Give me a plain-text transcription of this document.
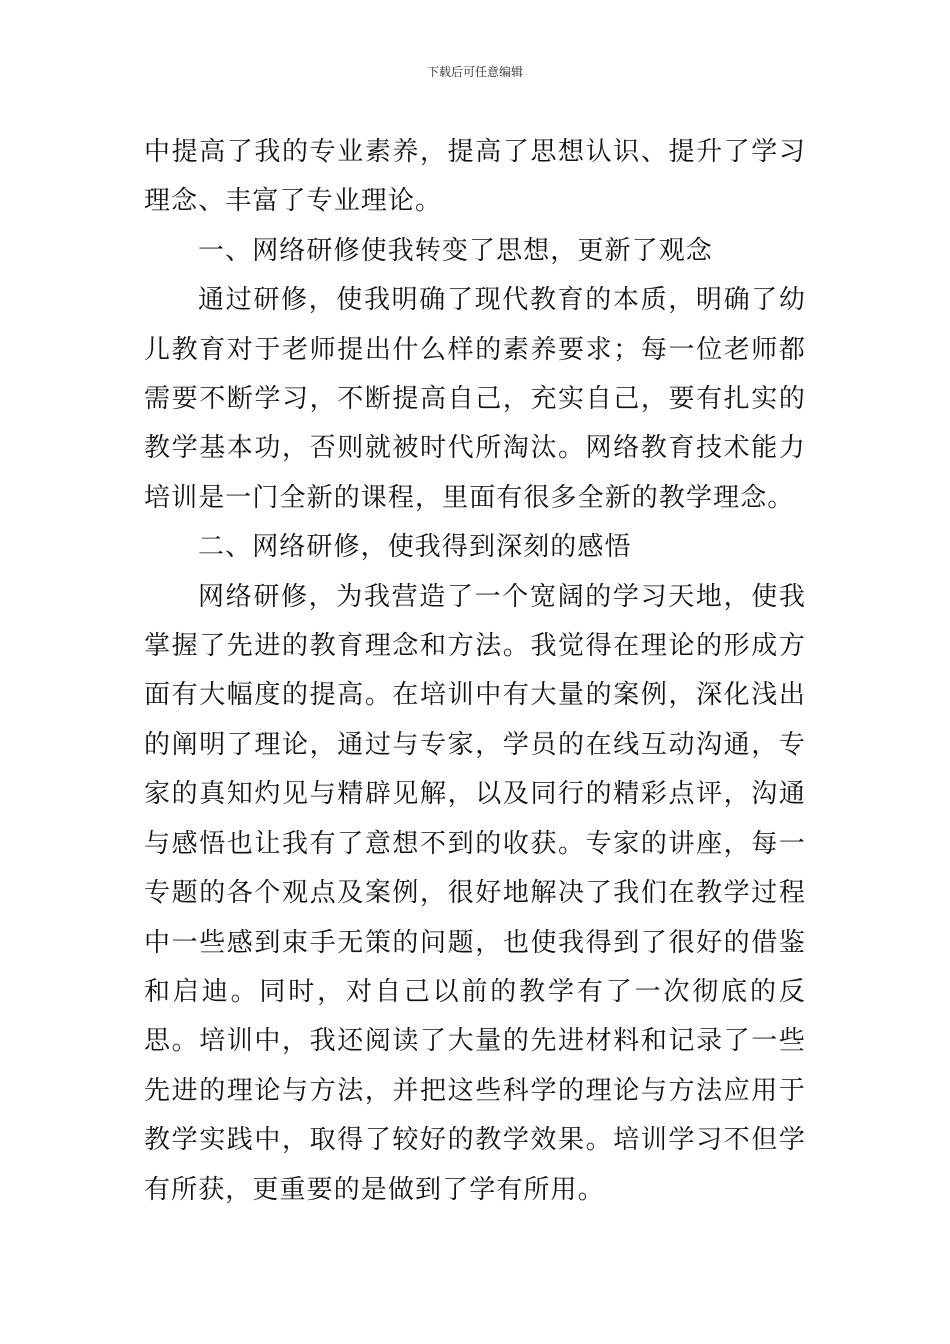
下载后可任意编辑

中提高了我的专业素养，提高了思想认识、提升了学习理念、丰富了专业理论。

一、网络研修使我转变了思想，更新了观念

通过研修，使我明确了现代教育的本质，明确了幼儿教育对于老师提出什么样的素养要求；每一位老师都需要不断学习，不断提高自己，充实自己，要有扎实的教学基本功，否则就被时代所淘汰。网络教育技术能力培训是一门全新的课程，里面有很多全新的教学理念。

二、网络研修，使我得到深刻的感悟

网络研修，为我营造了一个宽阔的学习天地，使我掌握了先进的教育理念和方法。我觉得在理论的形成方面有大幅度的提高。在培训中有大量的案例，深化浅出的阐明了理论，通过与专家，学员的在线互动沟通，专家的真知灼见与精辟见解，以及同行的精彩点评，沟通与感悟也让我有了意想不到的收获。专家的讲座，每一专题的各个观点及案例，很好地解决了我们在教学过程中一些感到束手无策的问题，也使我得到了很好的借鉴和启迪。同时，对自己以前的教学有了一次彻底的反思。培训中，我还阅读了大量的先进材料和记录了一些先进的理论与方法，并把这些科学的理论与方法应用于教学实践中，取得了较好的教学效果。培训学习不但学有所获，更重要的是做到了学有所用。
